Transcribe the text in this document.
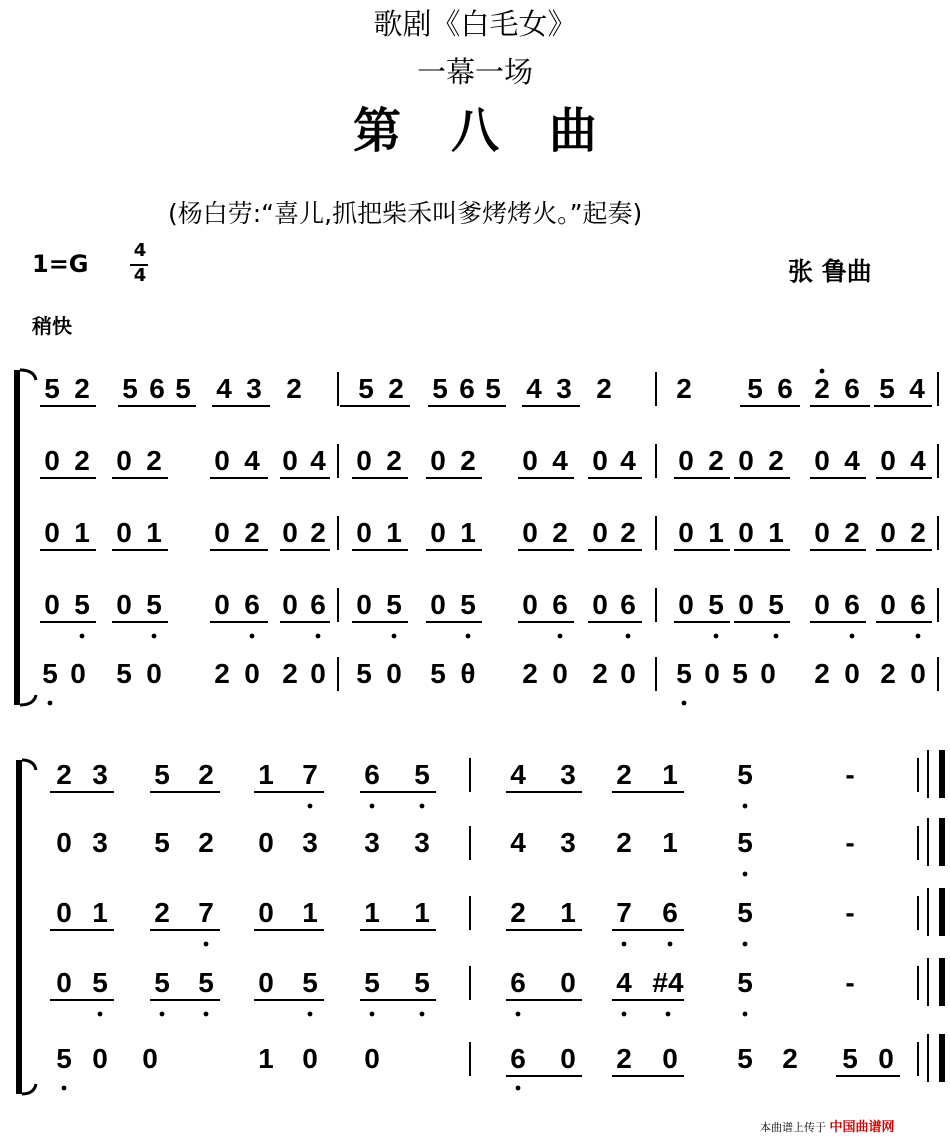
歌剧《白毛女》
一幕一场
第八曲
(杨白劳:“喜儿,抓把柴禾叫爹烤烤火。”起奏)
1=G	4
4	张 鲁曲
稍快
5 2 5 6 5 4 3 2 5 2 5 6 5 4 3 2 2 5 6 2 6 5 4
0 2 0 2 0 4 0 4 0 2 0 2 0 4 0 4 0 2 0 2 0 4 0 4
0 1 0 1 0 2 0 2 0 1 0 1 0 2 0 2 0 1 0 1 0 2 0 2
0 5 0 5 0 6 0 6 0 5 0 5 0 6 0 6 0 5 0 5 0 6 0 6
5 0 5 0 2 0 2 0 5 0 5 θ 2 0 2 0 5 0 5 0 2 0 2 0
2 3 5 2 1 7 6 5	4 3 2 1 5	-
0 3 5 2 0 3 3 3	4 3 2 1 5	-
0 1 2 7 0 1 1 1	2 1 7 6 5	-
0 5 5 5 0 5 5 5	6 0 4 #4 5	-
5 0 0	1 0 0	6 0 2 0 5 2 5 0
本曲谱上传于 中国曲谱网
